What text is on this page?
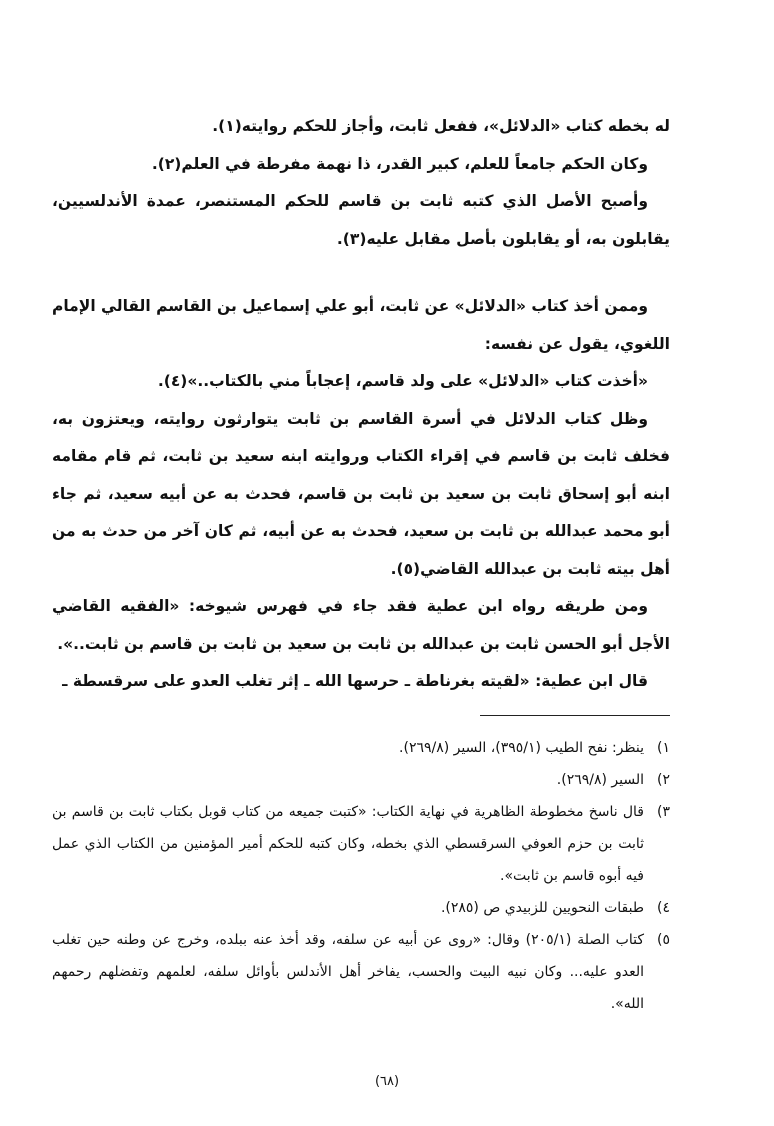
له بخطه كتاب «الدلائل»، ففعل ثابت، وأجاز للحكم روايته(١).

وكان الحكم جامعاً للعلم، كبير القدر، ذا نهمة مفرطة في العلم(٢).

وأصبح الأصل الذي كتبه ثابت بن قاسم للحكم المستنصر، عمدة الأندلسيين، يقابلون به، أو يقابلون بأصل مقابل عليه(٣).

وممن أخذ كتاب «الدلائل» عن ثابت، أبو علي إسماعيل بن القاسم القالي الإمام اللغوي، يقول عن نفسه:

«أخذت كتاب «الدلائل» على ولد قاسم، إعجاباً مني بالكتاب..»(٤).

وظل كتاب الدلائل في أسرة القاسم بن ثابت يتوارثون روايته، ويعتزون به، فخلف ثابت بن قاسم في إقراء الكتاب وروايته ابنه سعيد بن ثابت، ثم قام مقامه ابنه أبو إسحاق ثابت بن سعيد بن ثابت بن قاسم، فحدث به عن أبيه سعيد، ثم جاء أبو محمد عبدالله بن ثابت بن سعيد، فحدث به عن أبيه، ثم كان آخر من حدث به من أهل بيته ثابت بن عبدالله القاضي(٥).

ومن طريقه رواه ابن عطية فقد جاء في فهرس شيوخه: «الفقيه القاضي الأجل أبو الحسن ثابت بن عبدالله بن ثابت بن سعيد بن ثابت بن قاسم بن ثابت..».

قال ابن عطية: «لقيته بغرناطة ـ حرسها الله ـ إثر تغلب العدو على سرقسطة ـ

١)
ينظر: نفح الطيب (٣٩٥/١)، السير (٢٦٩/٨).
٢)
السير (٢٦٩/٨).
٣)
قال ناسخ مخطوطة الظاهرية في نهاية الكتاب: «كتبت جميعه من كتاب قوبل بكتاب ثابت بن قاسم بن ثابت بن حزم العوفي السرقسطي الذي بخطه، وكان كتبه للحكم أمير المؤمنين من الكتاب الذي عمل فيه أبوه قاسم بن ثابت».
٤)
طبقات النحويين للزبيدي ص (٢٨٥).
٥)
كتاب الصلة (٢٠٥/١) وقال: «روى عن أبيه عن سلفه، وقد أخذ عنه ببلده، وخرج عن وطنه حين تغلب العدو عليه... وكان نبيه البيت والحسب، يفاخر أهل الأندلس بأوائل سلفه، لعلمهم وتفضلهم رحمهم الله».
(٦٨)
